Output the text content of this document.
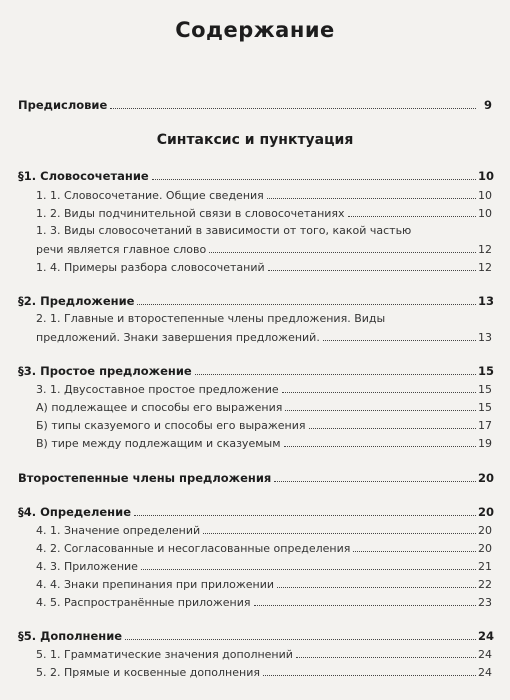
Содержание
Предисловие	9
Синтаксис и пунктуация
§1. Словосочетание	10
1. 1. Словосочетание. Общие сведения	10
1. 2. Виды подчинительной связи в словосочетаниях	10
1. 3. Виды словосочетаний в зависимости от того, какой частью
речи является главное слово	12
1. 4. Примеры разбора словосочетаний	12
§2. Предложение	13
2. 1. Главные и второстепенные члены предложения. Виды
предложений. Знаки завершения предложений.	13
§3. Простое предложение	15
3. 1. Двусоставное простое предложение	15
А) подлежащее и способы его выражения	15
Б) типы сказуемого и способы его выражения	17
В) тире между подлежащим и сказуемым	19
Второстепенные члены предложения	20
§4. Определение	20
4. 1. Значение определений	20
4. 2. Согласованные и несогласованные определения	20
4. 3. Приложение	21
4. 4. Знаки препинания при приложении	22
4. 5. Распространённые приложения	23
§5. Дополнение	24
5. 1. Грамматические значения дополнений	24
5. 2. Прямые и косвенные дополнения	24
